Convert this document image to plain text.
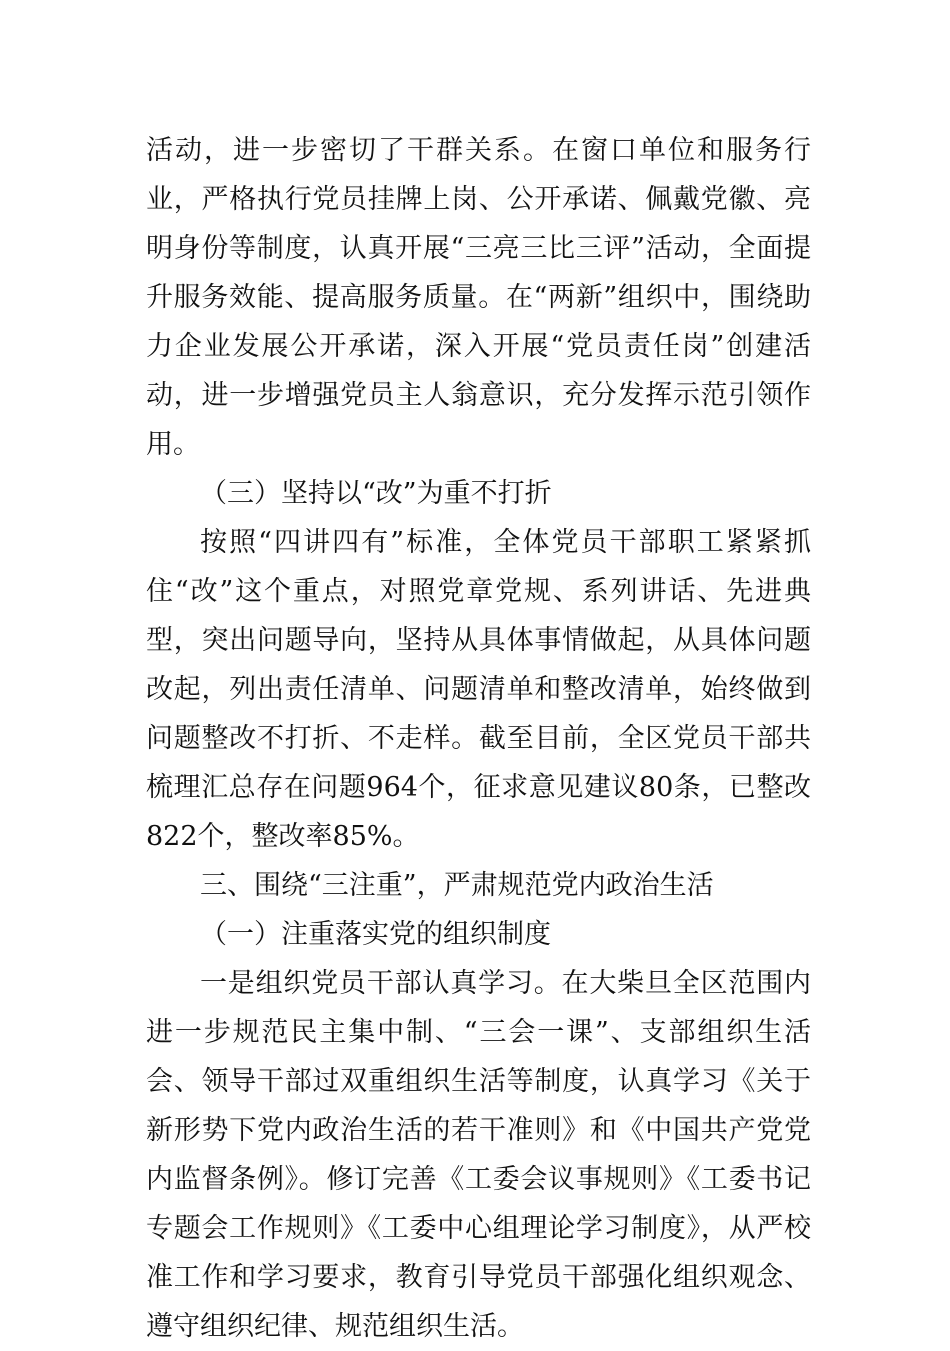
活动，进一步密切了干群关系。在窗口单位和服务行业，严格执行党员挂牌上岗、公开承诺、佩戴党徽、亮明身份等制度，认真开展“三亮三比三评”活动，全面提升服务效能、提高服务质量。在“两新”组织中，围绕助力企业发展公开承诺，深入开展“党员责任岗”创建活动，进一步增强党员主人翁意识，充分发挥示范引领作用。

（三）坚持以“改”为重不打折

按照“四讲四有”标准，全体党员干部职工紧紧抓住“改”这个重点，对照党章党规、系列讲话、先进典型，突出问题导向，坚持从具体事情做起，从具体问题改起，列出责任清单、问题清单和整改清单，始终做到问题整改不打折、不走样。截至目前，全区党员干部共梳理汇总存在问题964个，征求意见建议80条，已整改822个，整改率85%。

三、围绕“三注重”，严肃规范党内政治生活

（一）注重落实党的组织制度

一是组织党员干部认真学习。在大柴旦全区范围内进一步规范民主集中制、“三会一课”、支部组织生活会、领导干部过双重组织生活等制度，认真学习《关于新形势下党内政治生活的若干准则》和《中国共产党党内监督条例》。修订完善《工委会议事规则》《工委书记专题会工作规则》《工委中心组理论学习制度》，从严校准工作和学习要求，教育引导党员干部强化组织观念、遵守组织纪律、规范组织生活。
